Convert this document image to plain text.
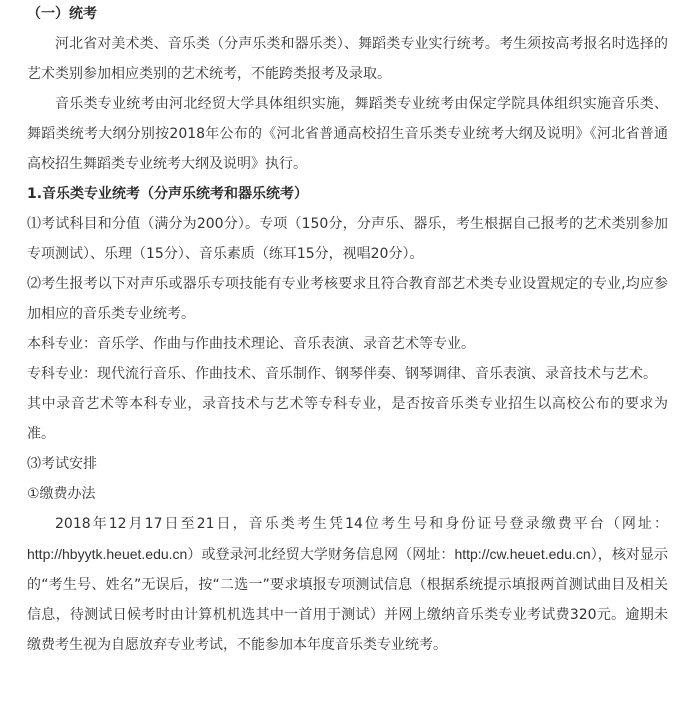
（一）统考

河北省对美术类、音乐类（分声乐类和器乐类）、舞蹈类专业实行统考。考生须按高考报名时选择的艺术类别参加相应类别的艺术统考，不能跨类报考及录取。

音乐类专业统考由河北经贸大学具体组织实施，舞蹈类专业统考由保定学院具体组织实施音乐类、舞蹈类统考大纲分别按2018年公布的《河北省普通高校招生音乐类专业统考大纲及说明》《河北省普通高校招生舞蹈类专业统考大纲及说明》执行。

1.音乐类专业统考（分声乐统考和器乐统考）

⑴考试科目和分值（满分为200分）。专项（150分，分声乐、器乐，考生根据自己报考的艺术类别参加专项测试）、乐理（15分）、音乐素质（练耳15分，视唱20分）。

⑵考生报考以下对声乐或器乐专项技能有专业考核要求且符合教育部艺术类专业设置规定的专业,均应参加相应的音乐类专业统考。

本科专业：音乐学、作曲与作曲技术理论、音乐表演、录音艺术等专业。

专科专业：现代流行音乐、作曲技术、音乐制作、钢琴伴奏、钢琴调律、音乐表演、录音技术与艺术。

其中录音艺术等本科专业，录音技术与艺术等专科专业，是否按音乐类专业招生以高校公布的要求为准。

⑶考试安排

①缴费办法

2018年12月17日至21日，音乐类考生凭14位考生号和身份证号登录缴费平台（网址：http://hbyytk.heuet.edu.cn）或登录河北经贸大学财务信息网（网址：http://cw.heuet.edu.cn），核对显示的“考生号、姓名”无误后，按“二选一”要求填报专项测试信息（根据系统提示填报两首测试曲目及相关信息，待测试日候考时由计算机机选其中一首用于测试）并网上缴纳音乐类专业考试费320元。逾期未缴费考生视为自愿放弃专业考试，不能参加本年度音乐类专业统考。
